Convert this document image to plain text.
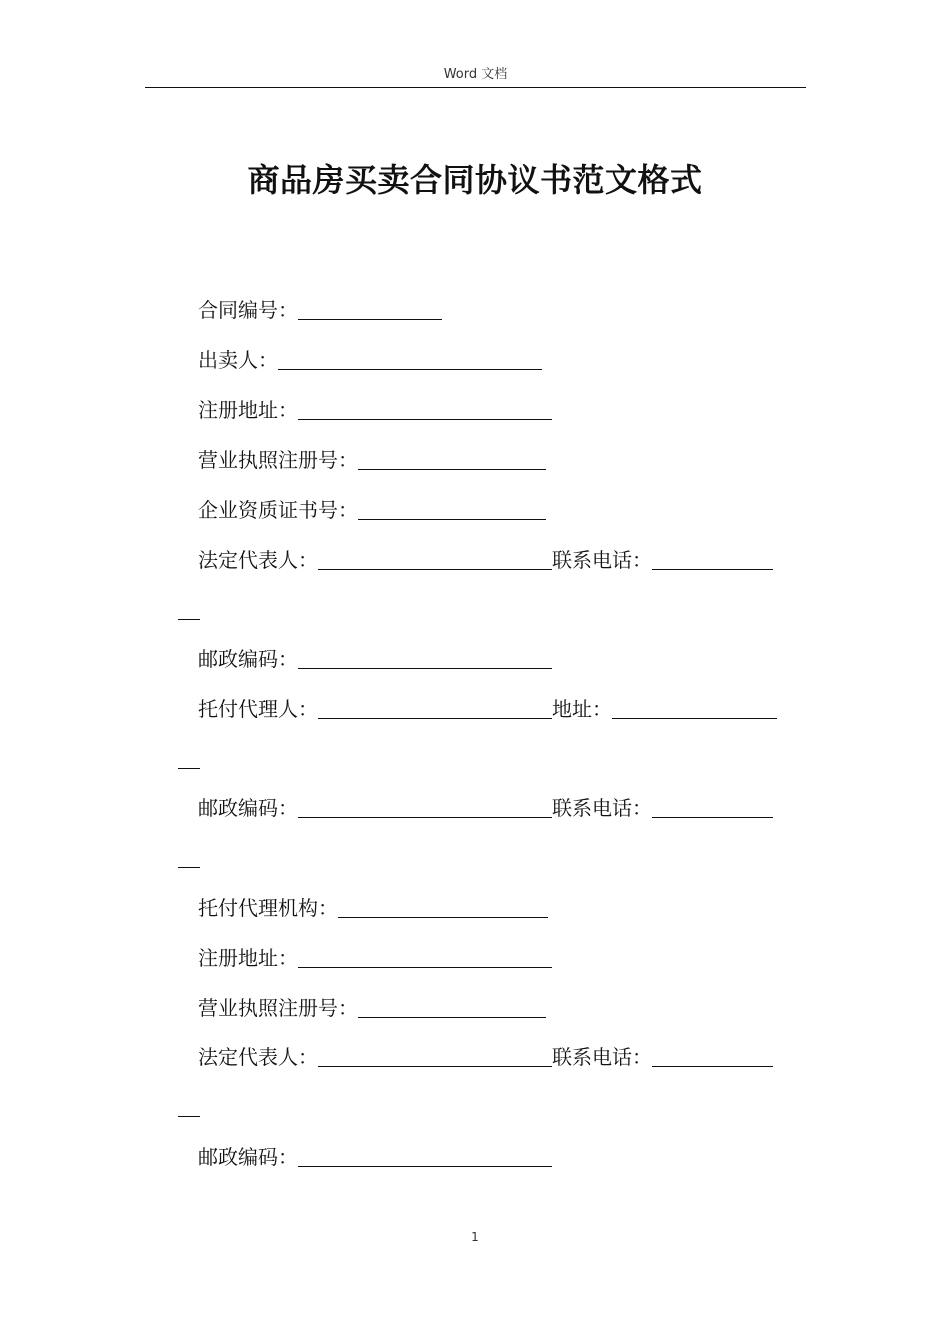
Word 文档
商品房买卖合同协议书范文格式
合同编号：
出卖人：
注册地址：
营业执照注册号：
企业资质证书号：
法定代表人：	联系电话：
邮政编码：
托付代理人：	地址：
邮政编码：	联系电话：
托付代理机构：
注册地址：
营业执照注册号：
法定代表人：	联系电话：
邮政编码：
1
